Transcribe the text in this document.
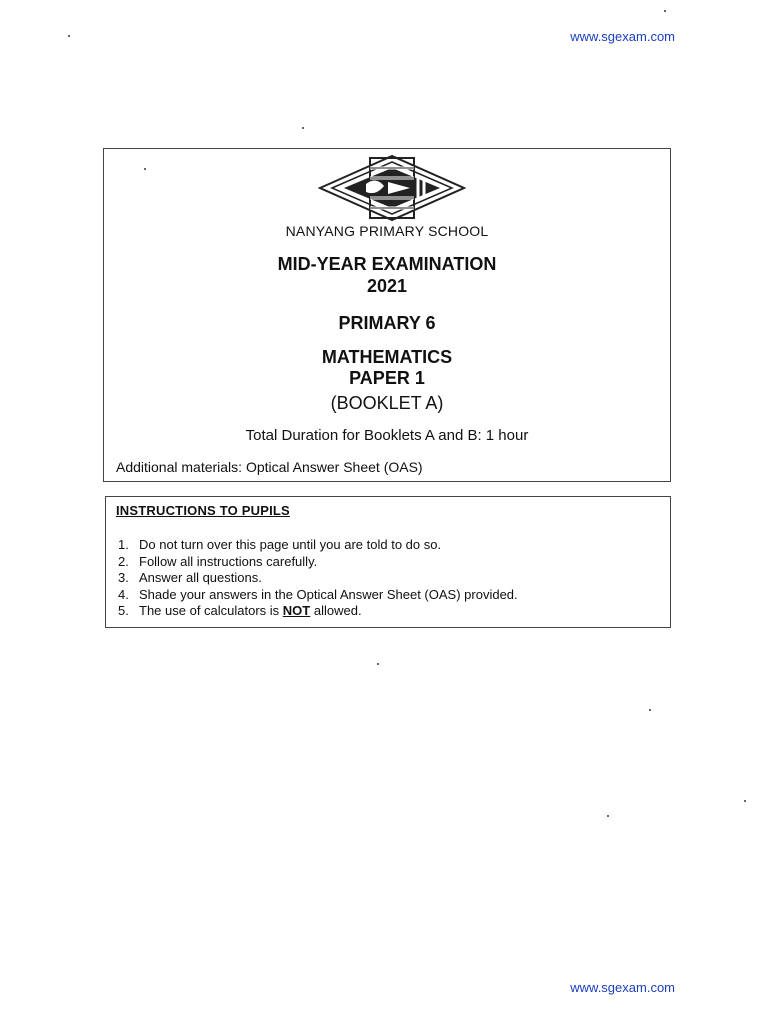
www.sgexam.com
NANYANG PRIMARY SCHOOL
MID-YEAR EXAMINATION
2021
PRIMARY 6
MATHEMATICS
PAPER 1
(BOOKLET A)
Total Duration for Booklets A and B: 1 hour
Additional materials: Optical Answer Sheet (OAS)
INSTRUCTIONS TO PUPILS
1. Do not turn over this page until you are told to do so.
2. Follow all instructions carefully.
3. Answer all questions.
4. Shade your answers in the Optical Answer Sheet (OAS) provided.
5. The use of calculators is NOT allowed.
www.sgexam.com
